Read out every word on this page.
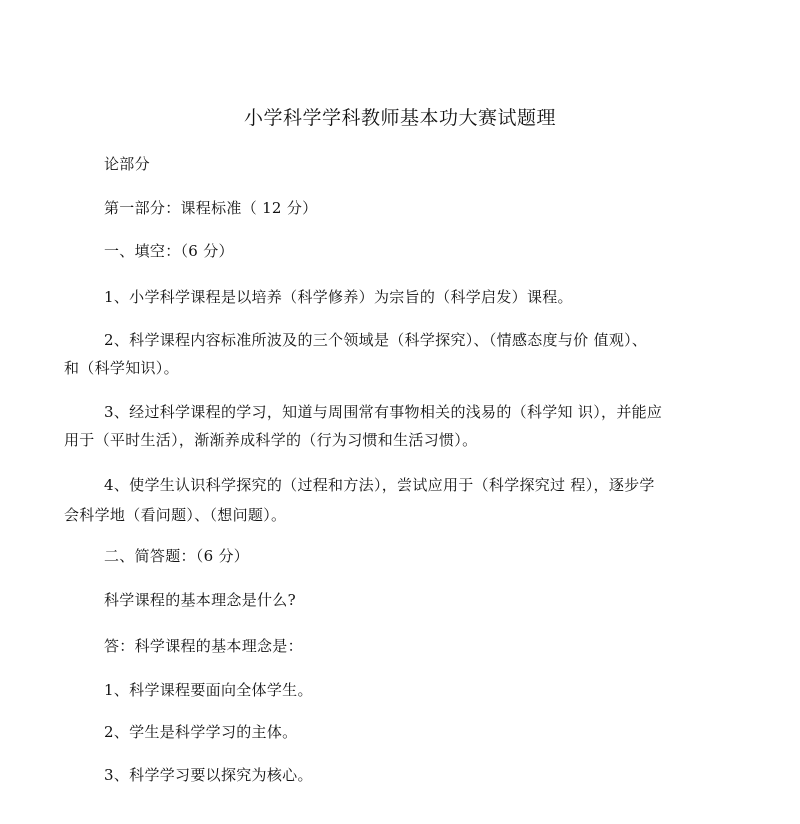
小学科学学科教师基本功大赛试题理
论部分
第一部分：课程标准（ 12 分）
一、填空：（6 分）
1、小学科学课程是以培养（科学修养）为宗旨的（科学启发）课程。
2、科学课程内容标准所波及的三个领域是（科学探究）、（情感态度与价 值观）、
和（科学知识）。
3、经过科学课程的学习，知道与周围常有事物相关的浅易的（科学知 识），并能应
用于（平时生活），渐渐养成科学的（行为习惯和生活习惯）。
4、使学生认识科学探究的（过程和方法），尝试应用于（科学探究过 程），逐步学
会科学地（看问题）、（想问题）。
二、简答题：（6 分）
科学课程的基本理念是什么?
答：科学课程的基本理念是：
1、科学课程要面向全体学生。
2、学生是科学学习的主体。
3、科学学习要以探究为核心。
